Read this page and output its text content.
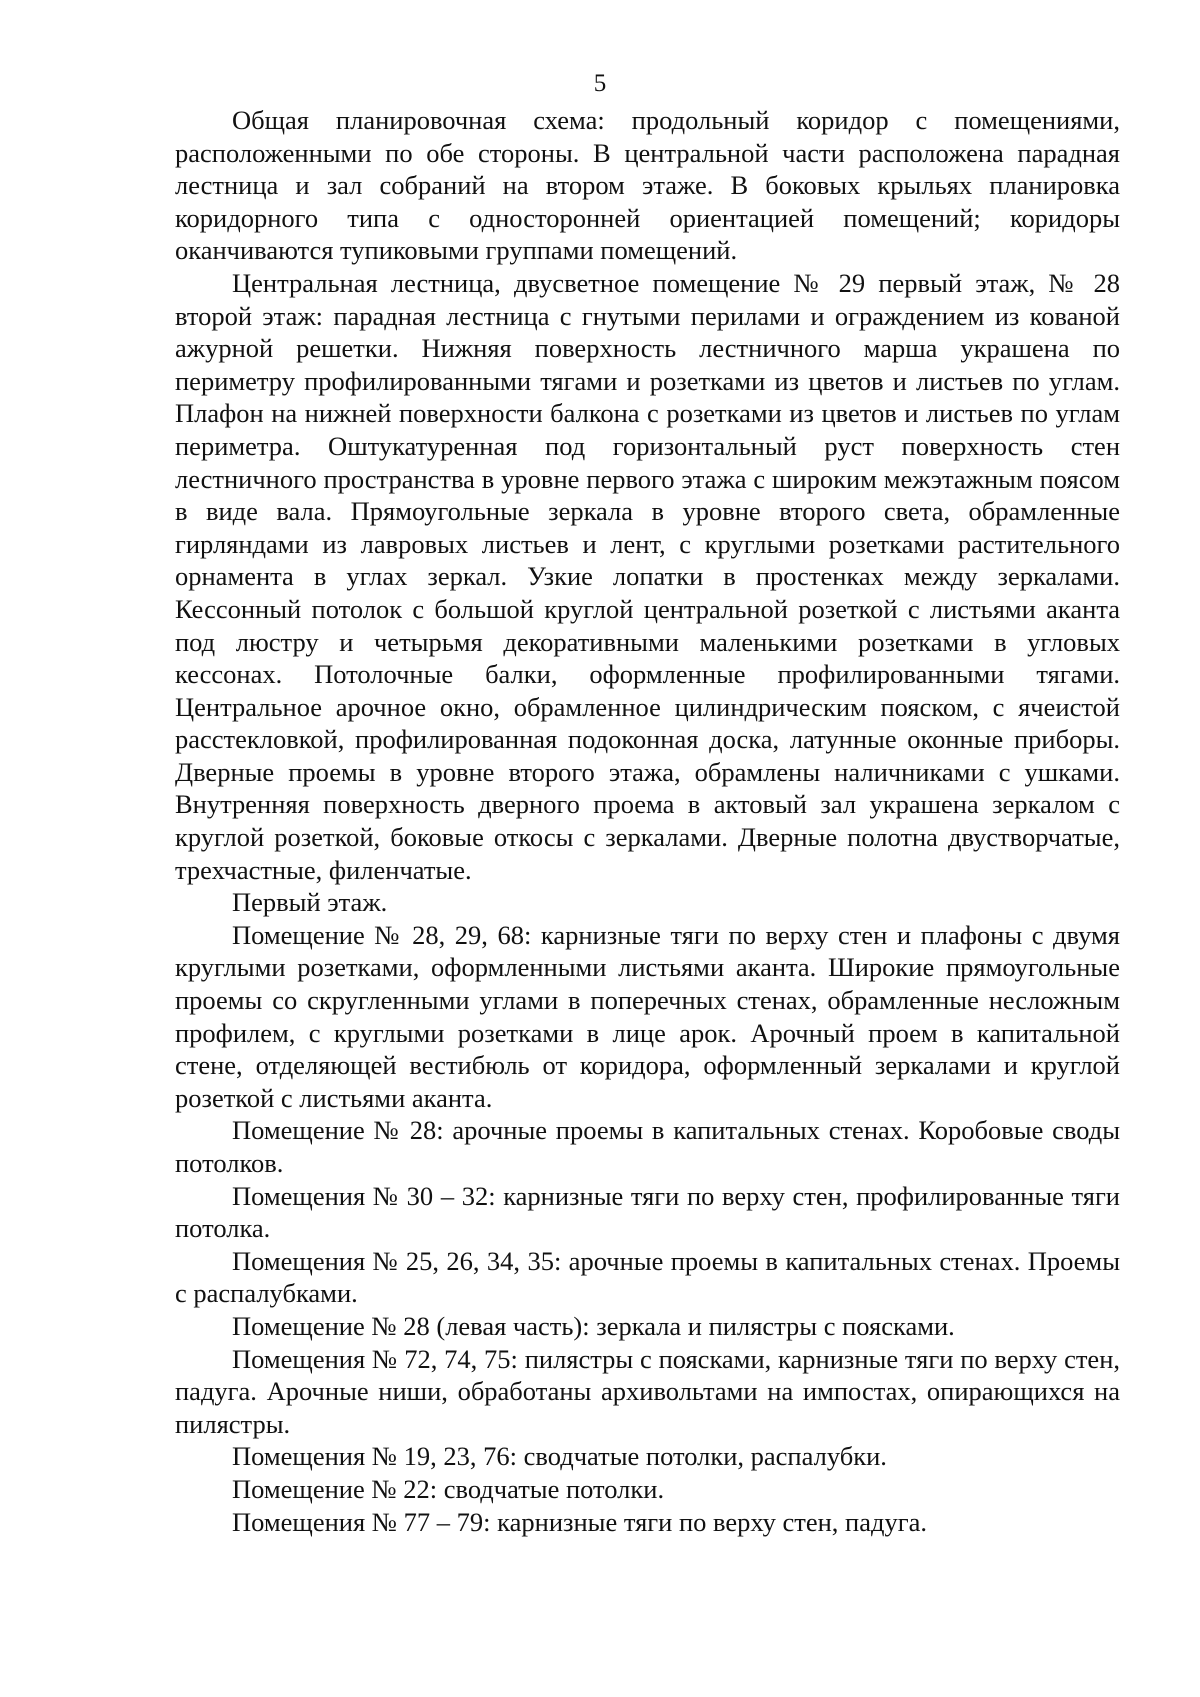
5

Общая планировочная схема: продольный коридор с помещениями, расположенными по обе стороны. В центральной части расположена парадная лестница и зал собраний на втором этаже. В боковых крыльях планировка коридорного типа с односторонней ориентацией помещений; коридоры оканчиваются тупиковыми группами помещений.

Центральная лестница, двусветное помещение № 29 первый этаж, № 28 второй этаж: парадная лестница с гнутыми перилами и ограждением из кованой ажурной решетки. Нижняя поверхность лестничного марша украшена по периметру профилированными тягами и розетками из цветов и листьев по углам. Плафон на нижней поверхности балкона с розетками из цветов и листьев по углам периметра. Оштукатуренная под горизонтальный руст поверхность стен лестничного пространства в уровне первого этажа с широким межэтажным поясом в виде вала. Прямоугольные зеркала в уровне второго света, обрамленные гирляндами из лавровых листьев и лент, с круглыми розетками растительного орнамента в углах зеркал. Узкие лопатки в простенках между зеркалами. Кессонный потолок с большой круглой центральной розеткой с листьями аканта под люстру и четырьмя декоративными маленькими розетками в угловых кессонах. Потолочные балки, оформленные профилированными тягами. Центральное арочное окно, обрамленное цилиндрическим пояском, с ячеистой расстекловкой, профилированная подоконная доска, латунные оконные приборы. Дверные проемы в уровне второго этажа, обрамлены наличниками с ушками. Внутренняя поверхность дверного проема в актовый зал украшена зеркалом с круглой розеткой, боковые откосы с зеркалами. Дверные полотна двустворчатые, трехчастные, филенчатые.

Первый этаж.

Помещение № 28, 29, 68: карнизные тяги по верху стен и плафоны с двумя круглыми розетками, оформленными листьями аканта. Широкие прямоугольные проемы со скругленными углами в поперечных стенах, обрамленные несложным профилем, с круглыми розетками в лице арок. Арочный проем в капитальной стене, отделяющей вестибюль от коридора, оформленный зеркалами и круглой розеткой с листьями аканта.

Помещение № 28: арочные проемы в капитальных стенах. Коробовые своды потолков.

Помещения № 30 – 32: карнизные тяги по верху стен, профилированные тяги потолка.

Помещения № 25, 26, 34, 35: арочные проемы в капитальных стенах. Проемы с распалубками.

Помещение № 28 (левая часть): зеркала и пилястры с поясками.

Помещения № 72, 74, 75: пилястры с поясками, карнизные тяги по верху стен, падуга. Арочные ниши, обработаны архивольтами на импостах, опирающихся на пилястры.

Помещения № 19, 23, 76: сводчатые потолки, распалубки.

Помещение № 22: сводчатые потолки.

Помещения № 77 – 79: карнизные тяги по верху стен, падуга.
